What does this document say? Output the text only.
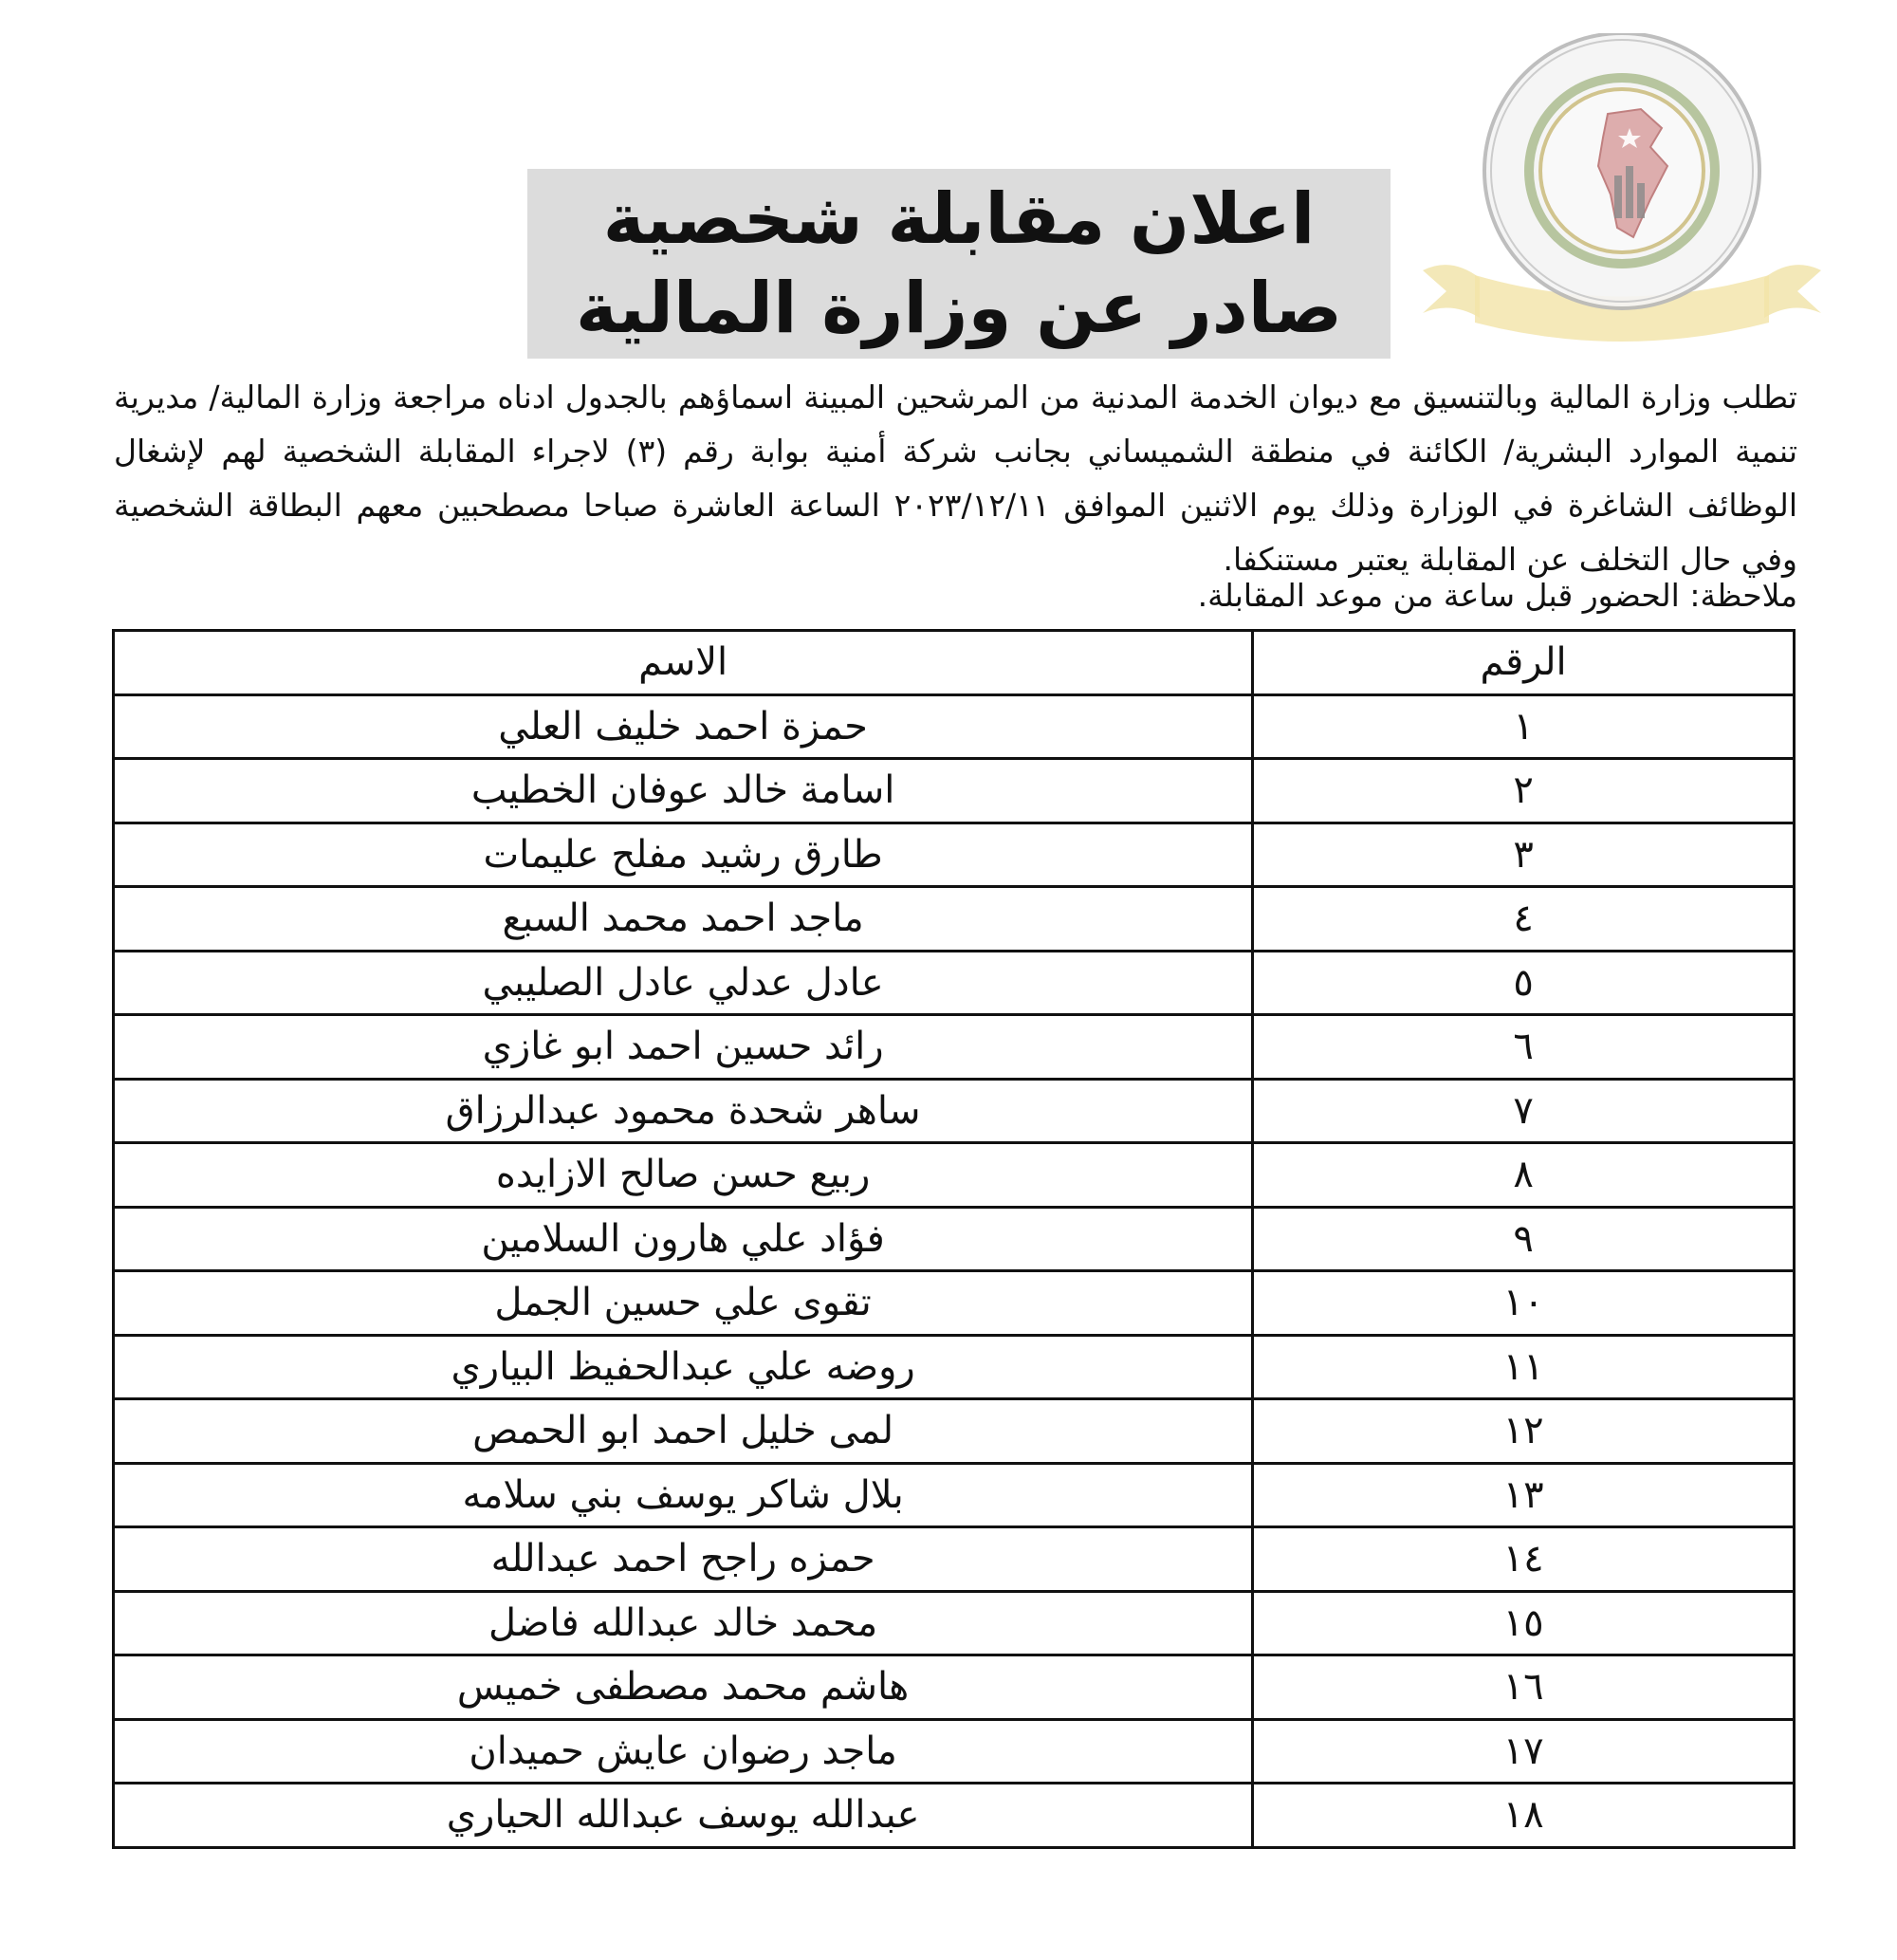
اعلان مقابلة شخصية
صادر عن وزارة المالية

تطلب وزارة المالية وبالتنسيق مع ديوان الخدمة المدنية من المرشحين المبينة اسماؤهم بالجدول ادناه مراجعة وزارة المالية/ مديرية تنمية الموارد البشرية/ الكائنة في منطقة الشميساني بجانب شركة أمنية بوابة رقم (٣) لاجراء المقابلة الشخصية لهم لإشغال الوظائف الشاغرة في الوزارة وذلك يوم الاثنين الموافق ٢٠٢٣/١٢/١١ الساعة العاشرة صباحا مصطحبين معهم البطاقة الشخصية وفي حال التخلف عن المقابلة يعتبر مستنكفا.

ملاحظة: الحضور قبل ساعة من موعد المقابلة.

الرقم	الاسم
١	حمزة احمد خليف العلي
٢	اسامة خالد عوفان الخطيب
٣	طارق رشيد مفلح عليمات
٤	ماجد احمد محمد السبع
٥	عادل عدلي عادل الصليبي
٦	رائد حسين احمد ابو غازي
٧	ساهر شحدة محمود عبدالرزاق
٨	ربيع حسن صالح الازايده
٩	فؤاد علي هارون السلامين
١٠	تقوى علي حسين الجمل
١١	روضه علي عبدالحفيظ البياري
١٢	لمى خليل احمد ابو الحمص
١٣	بلال شاكر يوسف بني سلامه
١٤	حمزه راجح احمد عبدالله
١٥	محمد خالد عبدالله فاضل
١٦	هاشم محمد مصطفى خميس
١٧	ماجد رضوان عايش حميدان
١٨	عبدالله يوسف عبدالله الحياري
